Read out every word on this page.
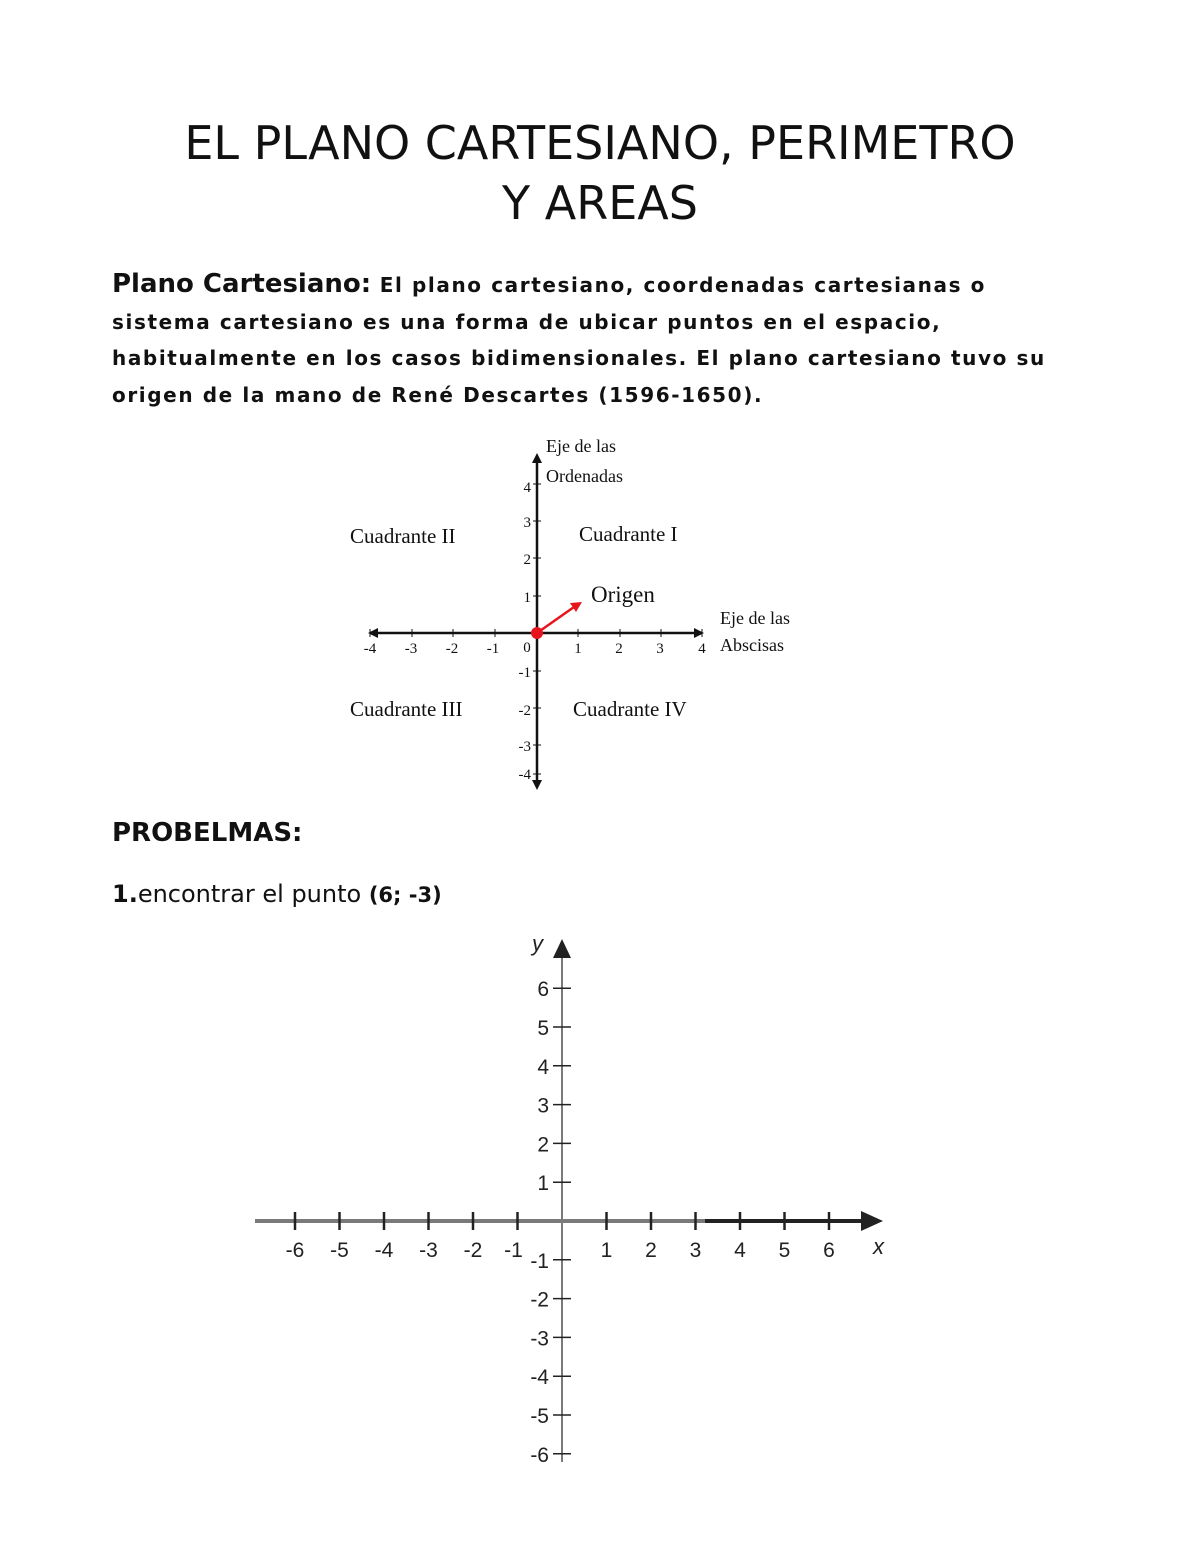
EL PLANO CARTESIANO, PERIMETRO
Y AREAS

Plano Cartesiano: El plano cartesiano, coordenadas cartesianas o sistema cartesiano es una forma de ubicar puntos en el espacio, habitualmente en los casos bidimensionales. El plano cartesiano tuvo su origen de la mano de René Descartes (1596-1650).

-4 -3 -2 -1 0	1 2 3 4
1
2
3
4
-1
-2
-3
-4
Eje de las
Ordenadas
Eje de las
Abscisas
Cuadrante II	Cuadrante I
Cuadrante III	Cuadrante IV
Origen
PROBELMAS:

1.encontrar el punto (6; -3)

-6 -5 -4 -3 -2 -1	1 2 3 4 5 6
-6
-5
-4
-3
-2
-1
1
2
3
4
5
6
x
y
